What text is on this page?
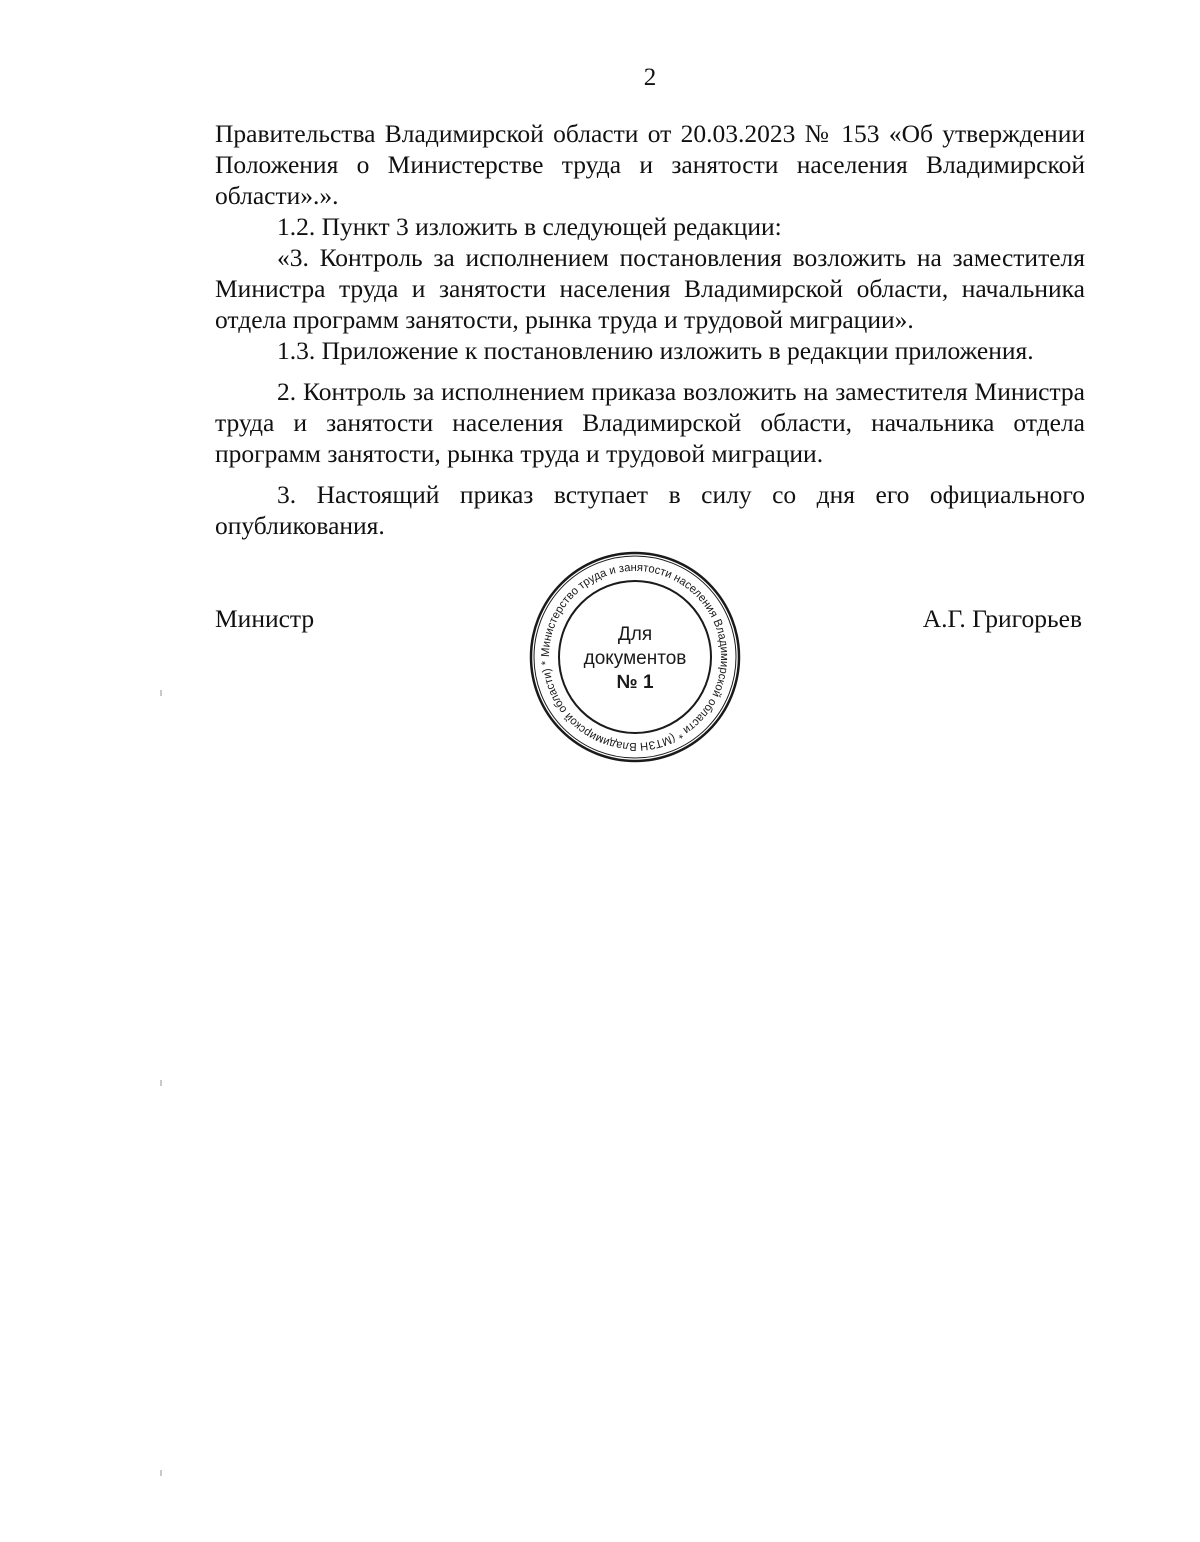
2

Правительства Владимирской области от 20.03.2023 № 153 «Об утверждении Положения о Министерстве труда и занятости населения Владимирской области».».

1.2. Пункт 3 изложить в следующей редакции:

«3. Контроль за исполнением постановления возложить на заместителя Министра труда и занятости населения Владимирской области, начальника отдела программ занятости, рынка труда и трудовой миграции».

1.3. Приложение к постановлению изложить в редакции приложения.

2. Контроль за исполнением приказа возложить на заместителя Министра труда и занятости населения Владимирской области, начальника отдела программ занятости, рынка труда и трудовой миграции.

3. Настоящий приказ вступает в силу со дня его официального опубликования.

Министр	А.Г. Григорьев
Министерство труда и занятости населения Владимирской области * (МТЗН Владимирской области) *
Для
документов
№ 1
